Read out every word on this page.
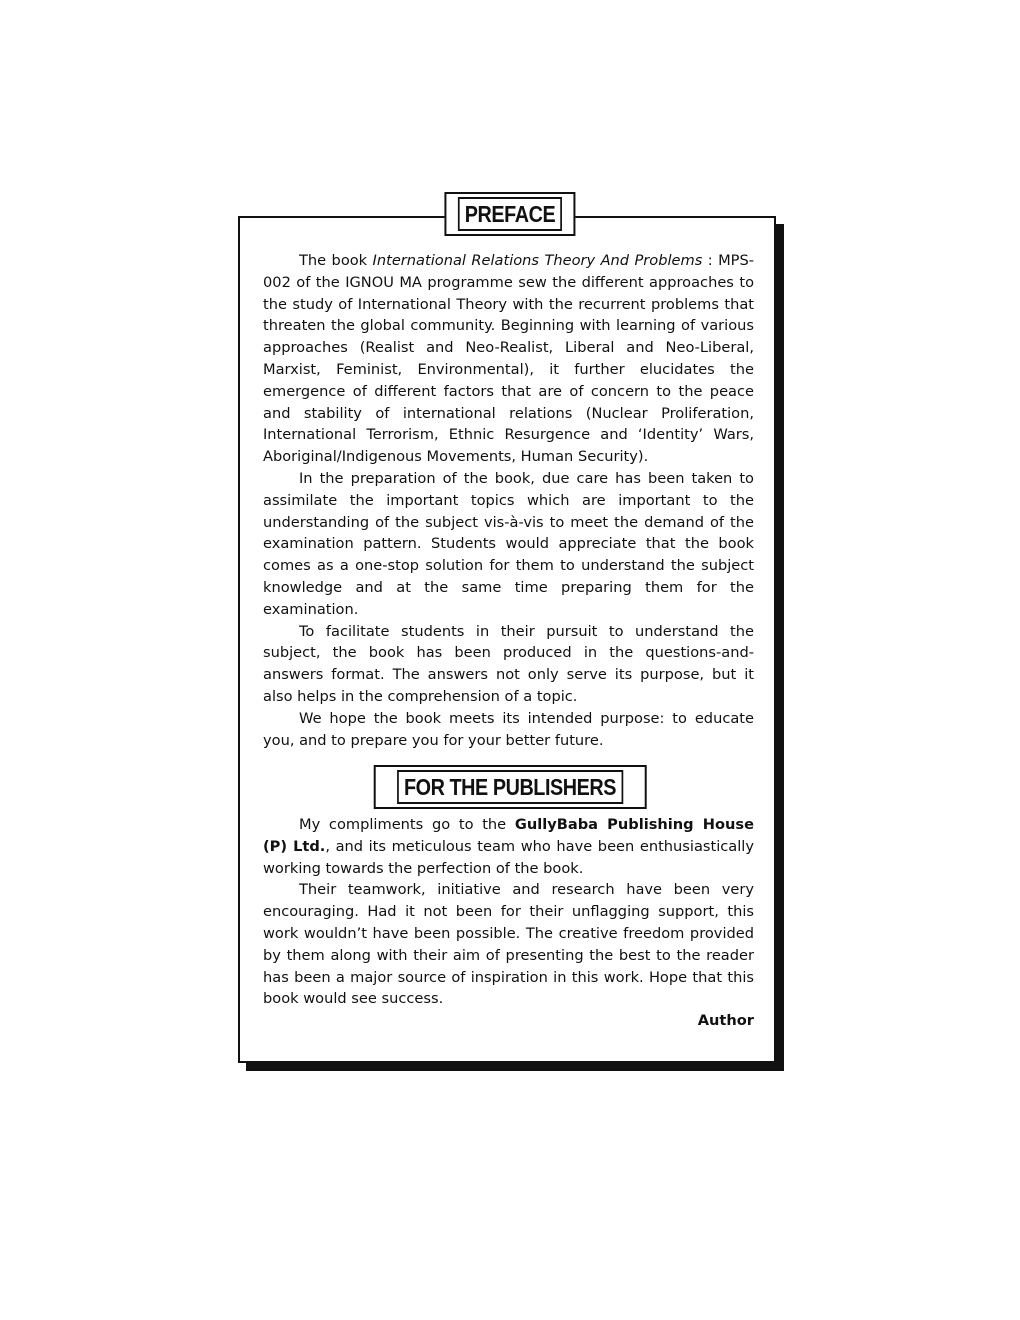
PREFACE

The book International Relations Theory And Problems : MPS-002 of the IGNOU MA programme sew the different approaches to the study of International Theory with the recurrent problems that threaten the global community. Beginning with learning of various approaches (Realist and Neo-Realist, Liberal and Neo-Liberal, Marxist, Feminist, Environmental), it further elucidates the emergence of different factors that are of concern to the peace and stability of international relations (Nuclear Proliferation, International Terrorism, Ethnic Resurgence and ‘Identity’ Wars, Aboriginal/Indigenous Movements, Human Security).

In the preparation of the book, due care has been taken to assimilate the important topics which are important to the understanding of the subject vis-à-vis to meet the demand of the examination pattern. Students would appreciate that the book comes as a one-stop solution for them to understand the subject knowledge and at the same time preparing them for the examination.

To facilitate students in their pursuit to understand the subject, the book has been produced in the questions-and-answers format. The answers not only serve its purpose, but it also helps in the comprehension of a topic.

We hope the book meets its intended purpose: to educate you, and to prepare you for your better future.

FOR THE PUBLISHERS

My compliments go to the GullyBaba Publishing House (P) Ltd., and its meticulous team who have been enthusiastically working towards the perfection of the book.

Their teamwork, initiative and research have been very encouraging. Had it not been for their unflagging support, this work wouldn’t have been possible. The creative freedom provided by them along with their aim of presenting the best to the reader has been a major source of inspiration in this work. Hope that this book would see success.

Author
